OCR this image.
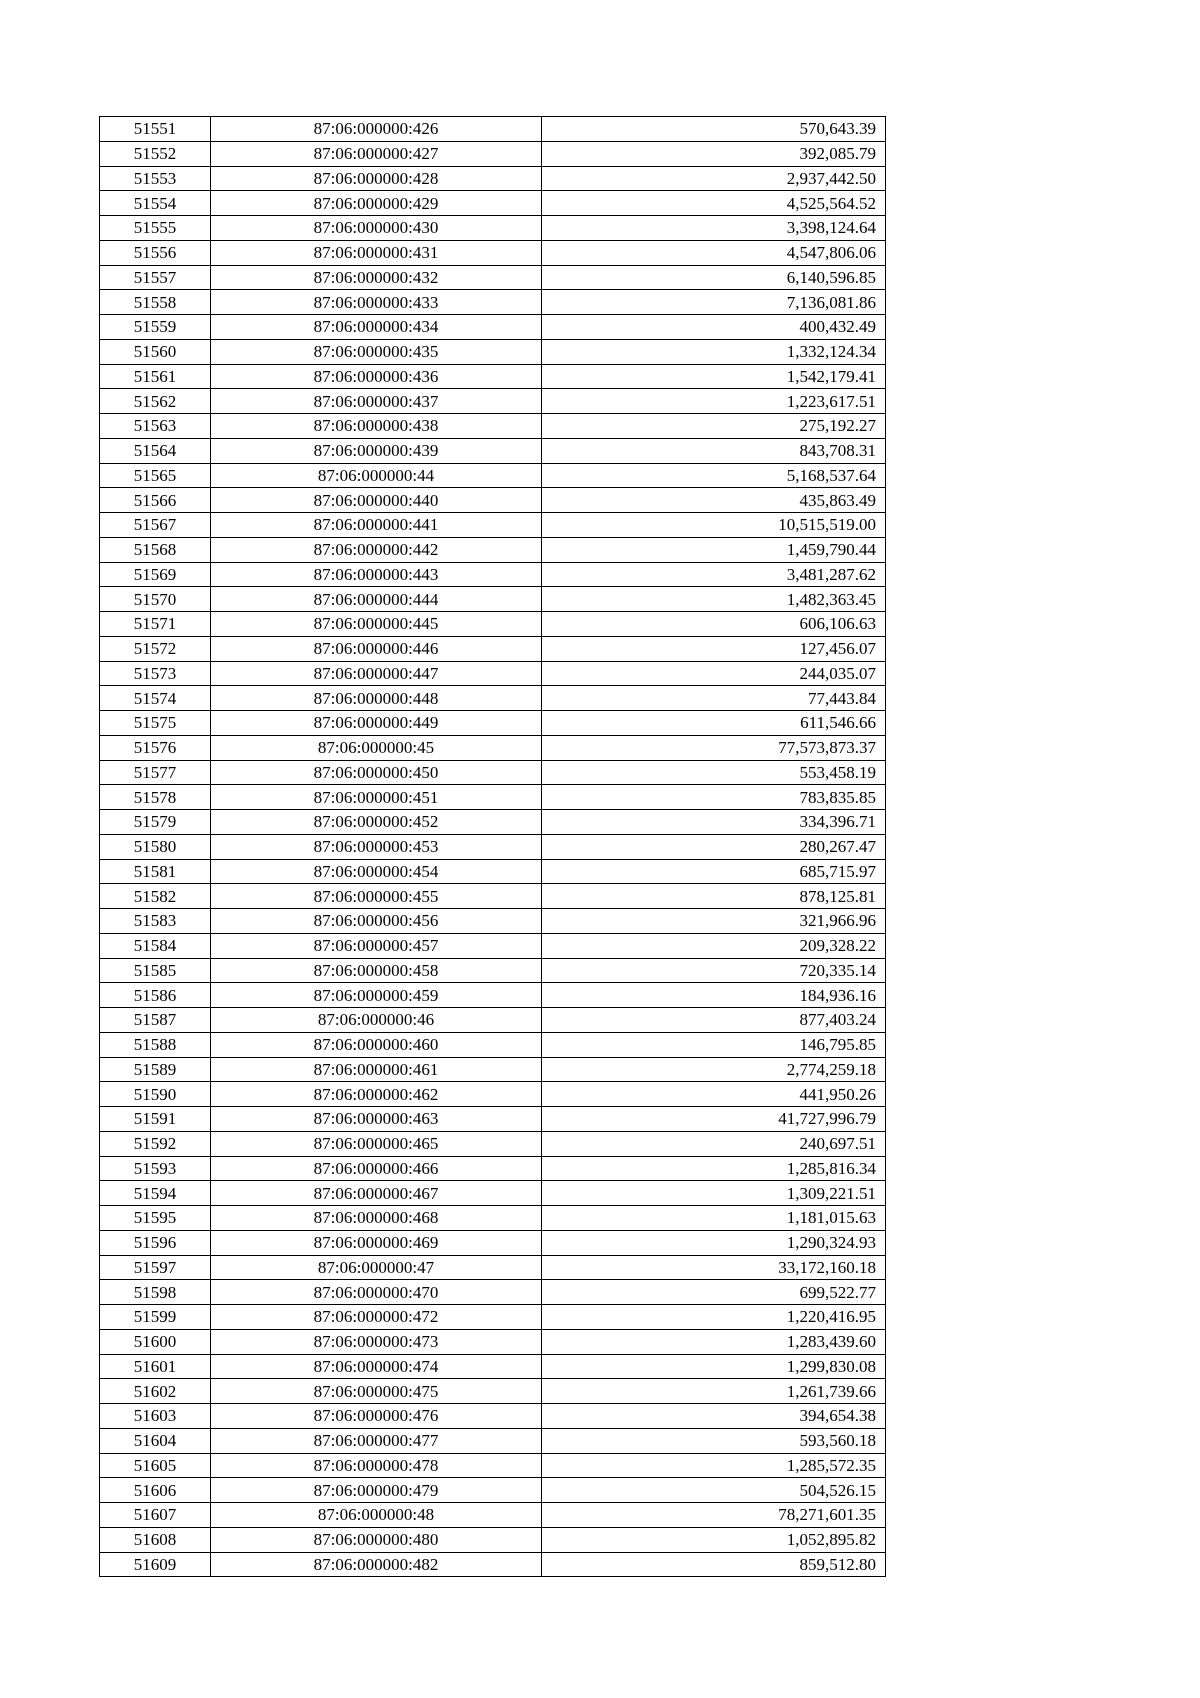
51551	87:06:000000:426	570,643.39
51552	87:06:000000:427	392,085.79
51553	87:06:000000:428	2,937,442.50
51554	87:06:000000:429	4,525,564.52
51555	87:06:000000:430	3,398,124.64
51556	87:06:000000:431	4,547,806.06
51557	87:06:000000:432	6,140,596.85
51558	87:06:000000:433	7,136,081.86
51559	87:06:000000:434	400,432.49
51560	87:06:000000:435	1,332,124.34
51561	87:06:000000:436	1,542,179.41
51562	87:06:000000:437	1,223,617.51
51563	87:06:000000:438	275,192.27
51564	87:06:000000:439	843,708.31
51565	87:06:000000:44	5,168,537.64
51566	87:06:000000:440	435,863.49
51567	87:06:000000:441	10,515,519.00
51568	87:06:000000:442	1,459,790.44
51569	87:06:000000:443	3,481,287.62
51570	87:06:000000:444	1,482,363.45
51571	87:06:000000:445	606,106.63
51572	87:06:000000:446	127,456.07
51573	87:06:000000:447	244,035.07
51574	87:06:000000:448	77,443.84
51575	87:06:000000:449	611,546.66
51576	87:06:000000:45	77,573,873.37
51577	87:06:000000:450	553,458.19
51578	87:06:000000:451	783,835.85
51579	87:06:000000:452	334,396.71
51580	87:06:000000:453	280,267.47
51581	87:06:000000:454	685,715.97
51582	87:06:000000:455	878,125.81
51583	87:06:000000:456	321,966.96
51584	87:06:000000:457	209,328.22
51585	87:06:000000:458	720,335.14
51586	87:06:000000:459	184,936.16
51587	87:06:000000:46	877,403.24
51588	87:06:000000:460	146,795.85
51589	87:06:000000:461	2,774,259.18
51590	87:06:000000:462	441,950.26
51591	87:06:000000:463	41,727,996.79
51592	87:06:000000:465	240,697.51
51593	87:06:000000:466	1,285,816.34
51594	87:06:000000:467	1,309,221.51
51595	87:06:000000:468	1,181,015.63
51596	87:06:000000:469	1,290,324.93
51597	87:06:000000:47	33,172,160.18
51598	87:06:000000:470	699,522.77
51599	87:06:000000:472	1,220,416.95
51600	87:06:000000:473	1,283,439.60
51601	87:06:000000:474	1,299,830.08
51602	87:06:000000:475	1,261,739.66
51603	87:06:000000:476	394,654.38
51604	87:06:000000:477	593,560.18
51605	87:06:000000:478	1,285,572.35
51606	87:06:000000:479	504,526.15
51607	87:06:000000:48	78,271,601.35
51608	87:06:000000:480	1,052,895.82
51609	87:06:000000:482	859,512.80
